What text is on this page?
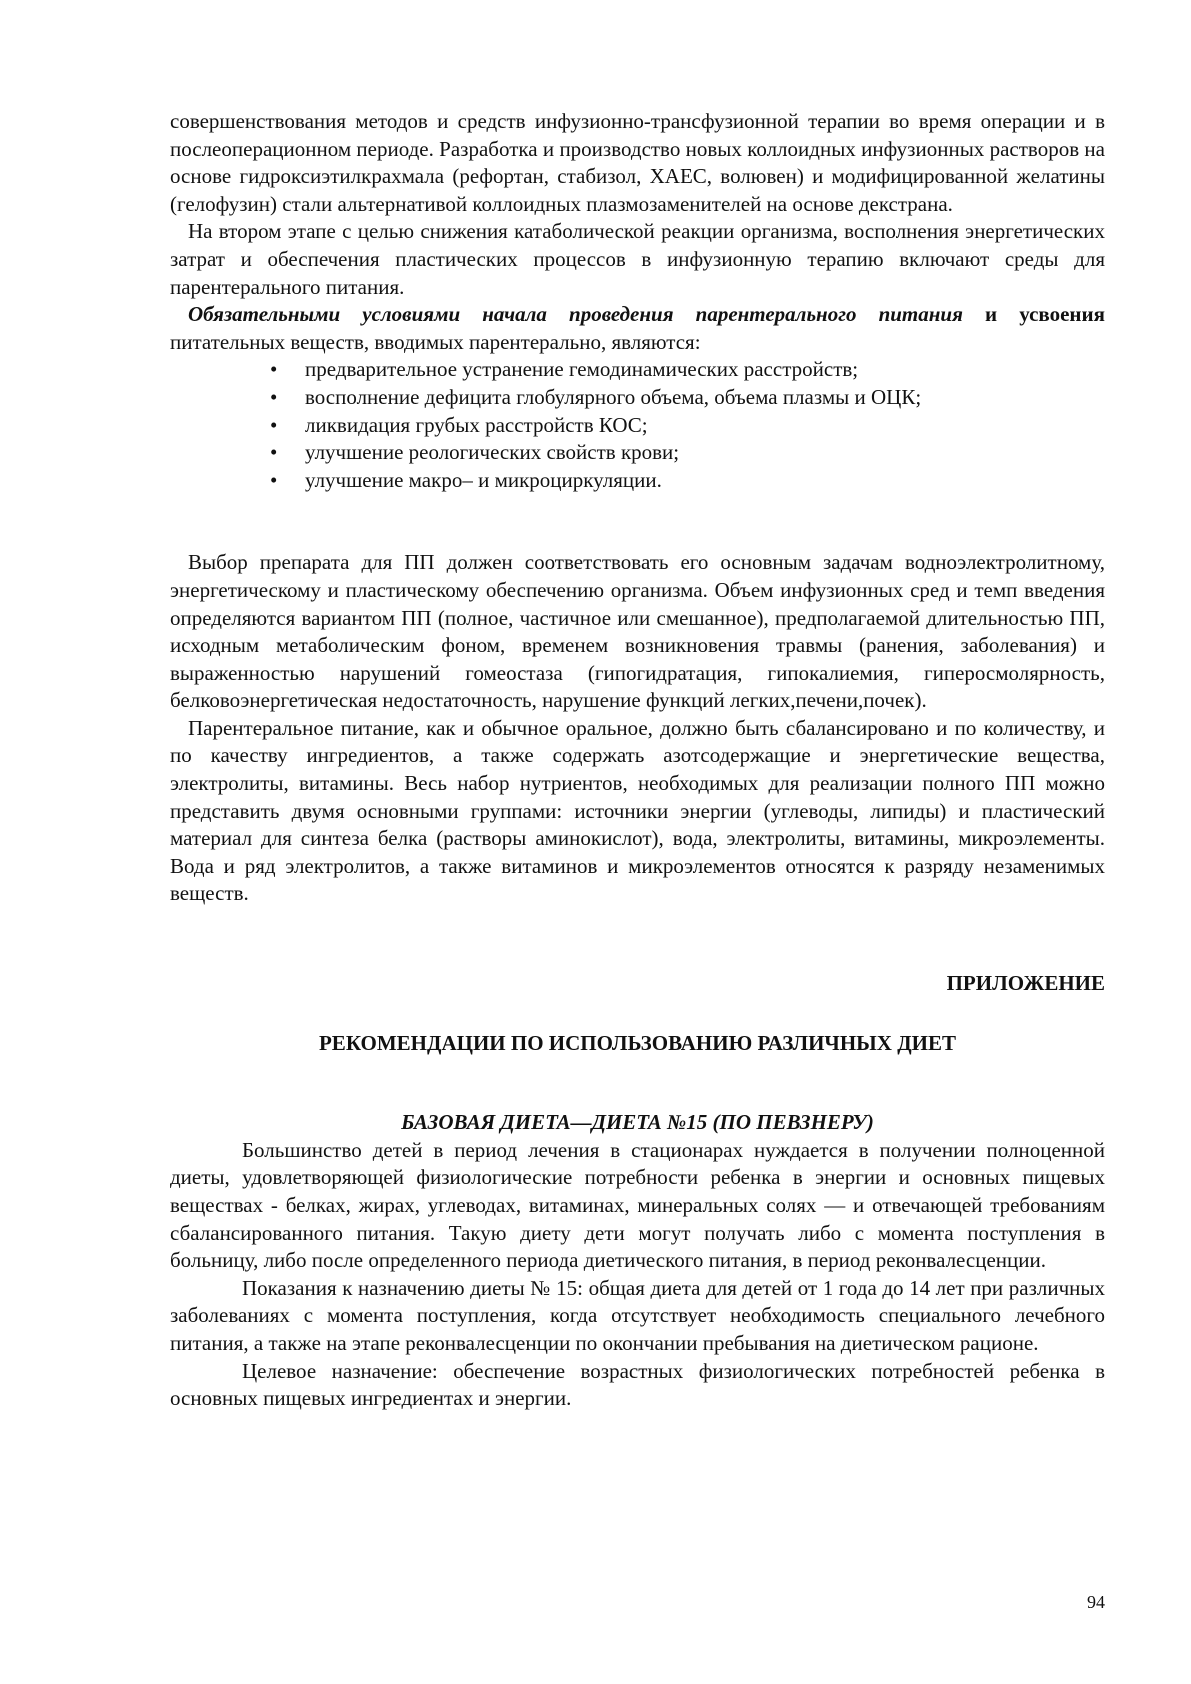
совершенствования методов и средств инфузионно-трансфузионной терапии во время операции и в послеоперационном периоде. Разработка и производство новых коллоидных инфузионных растворов на основе гидроксиэтилкрахмала (рефортан, стабизол, ХАЕС, волювен) и модифицированной желатины (гелофузин) стали альтернативой коллоидных плазмозаменителей на основе декстрана.

На втором этапе с целью снижения катаболической реакции организма, восполнения энергетических затрат и обеспечения пластических процессов в инфузионную терапию включают среды для парентерального питания.

Обязательными условиями начала проведения парентерального питания и усвоения питательных веществ, вводимых парентерально, являются:

• предварительное устранение гемодинамических расстройств;
• восполнение дефицита глобулярного объема, объема плазмы и ОЦК;
• ликвидация грубых расстройств КОС;
• улучшение реологических свойств крови;
• улучшение макро– и микроциркуляции.

Выбор препарата для ПП должен соответствовать его основным задачам водноэлектролитному, энергетическому и пластическому обеспечению организма. Объем инфузионных сред и темп введения определяются вариантом ПП (полное, частичное или смешанное), предполагаемой длительностью ПП, исходным метаболическим фоном, временем возникновения травмы (ранения, заболевания) и выраженностью нарушений гомеостаза (гипогидратация, гипокалиемия, гиперосмолярность, белковоэнергетическая недостаточность, нарушение функций легких,печени,почек).

Парентеральное питание, как и обычное оральное, должно быть сбалансировано и по количеству, и по качеству ингредиентов, а также содержать азотсодержащие и энергетические вещества, электролиты, витамины. Весь набор нутриентов, необходимых для реализации полного ПП можно представить двумя основными группами: источники энергии (углеводы, липиды) и пластический материал для синтеза белка (растворы аминокислот), вода, электролиты, витамины, микроэлементы. Вода и ряд электролитов, а также витаминов и микроэлементов относятся к разряду незаменимых веществ.

ПРИЛОЖЕНИЕ
РЕКОМЕНДАЦИИ ПО ИСПОЛЬЗОВАНИЮ РАЗЛИЧНЫХ ДИЕТ
БАЗОВАЯ ДИЕТА—ДИЕТА №15 (ПО ПЕВЗНЕРУ)

Большинство детей в период лечения в стационарах нуждается в получении полноценной диеты, удовлетворяющей физиологические потребности ребенка в энергии и основных пищевых веществах - белках, жирах, углеводах, витаминах, минеральных солях — и отвечающей требованиям сбалансированного питания. Такую диету дети могут получать либо с момента поступления в больницу, либо после определенного периода диетического питания, в период реконвалесценции.

Показания к назначению диеты № 15: общая диета для детей от 1 года до 14 лет при различных заболеваниях с момента поступления, когда отсутствует необходимость специального лечебного питания, а также на этапе реконвалесценции по окончании пребывания на диетическом рационе.

Целевое назначение: обеспечение возрастных физиологических потребностей ребенка в основных пищевых ингредиентах и энергии.

94
